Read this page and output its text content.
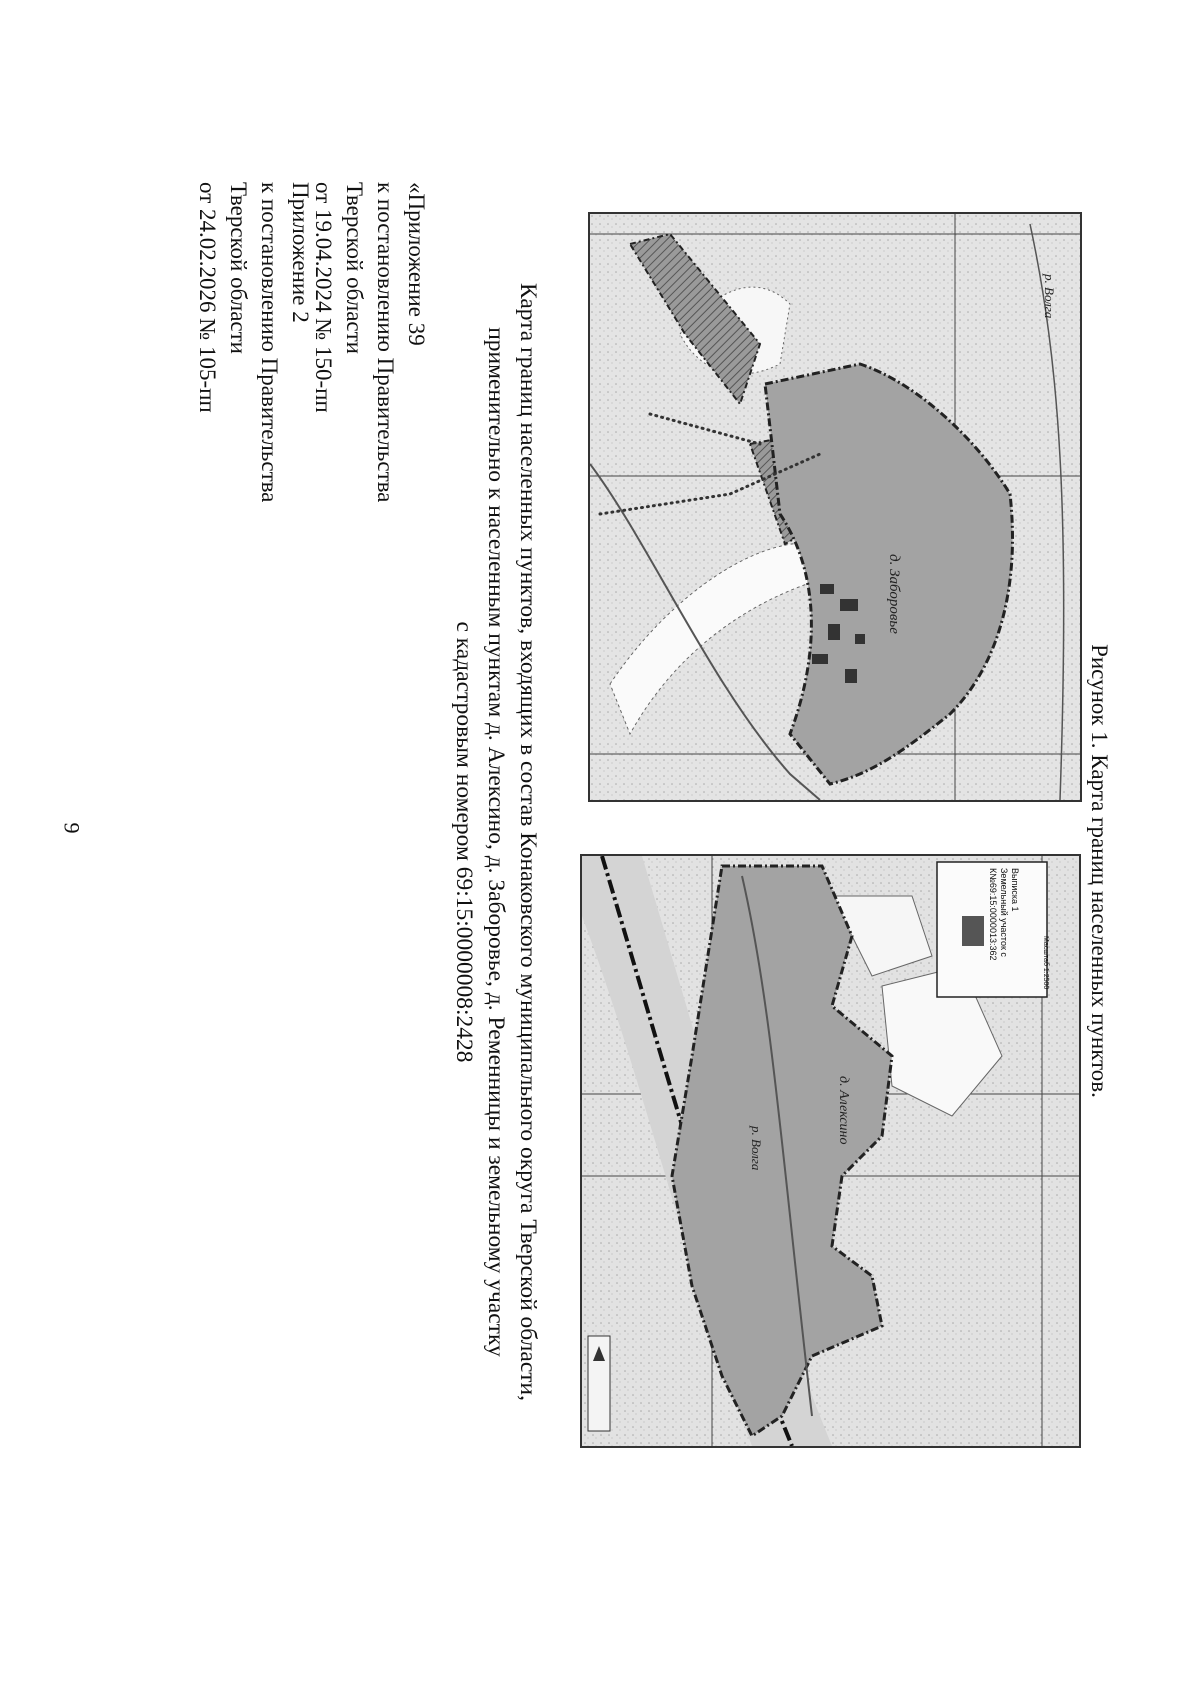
9
Приложение 2
к постановлению Правительства
Тверской области
от 24.02.2026 № 105-пп	«Приложение 39
к постановлению Правительства
Тверской области
от 19.04.2024 № 150-пп	Карта границ населенных пунктов, входящих в состав Конаковского муниципального округа Тверской области,
применительно к населенным пунктам д. Алексино, д. Заборовье, д. Ременницы и земельному участку
с кадастровым номером 69:15:0000008:2428
д. Заборовье
р. Волга
Выписка 1
Земельный участок с
К№69:15:0000013:362
Масштаб 1:2500
д. Алексино
р. Волга
Рисунок 1. Карта границ населенных пунктов.
